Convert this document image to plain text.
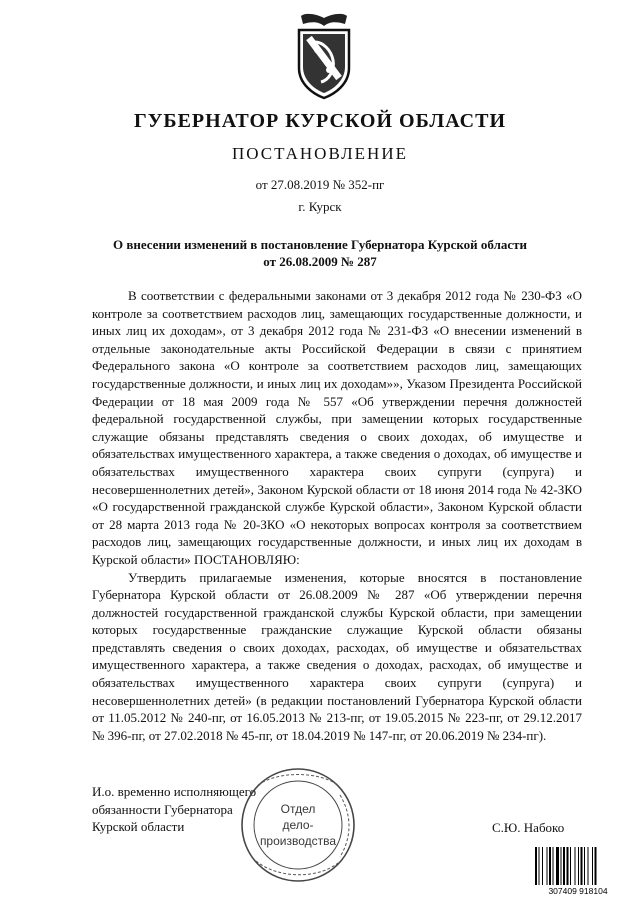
ГУБЕРНАТОР КУРСКОЙ ОБЛАСТИ
ПОСТАНОВЛЕНИЕ
от 27.08.2019 № 352-пг
г. Курск
О внесении изменений в постановление Губернатора Курской области
от 26.08.2009 № 287

В соответствии с федеральными законами от 3 декабря 2012 года № 230-ФЗ «О контроле за соответствием расходов лиц, замещающих государственные должности, и иных лиц их доходам», от 3 декабря 2012 года № 231-ФЗ «О внесении изменений в отдельные законодательные акты Российской Федерации в связи с принятием Федерального закона «О контроле за соответствием расходов лиц, замещающих государственные должности, и иных лиц их доходам»», Указом Президента Российской Федерации от 18 мая 2009 года № 557 «Об утверждении перечня должностей федеральной государственной службы, при замещении которых государственные служащие обязаны представлять сведения о своих доходах, об имуществе и обязательствах имущественного характера, а также сведения о доходах, об имуществе и обязательствах имущественного характера своих супруги (супруга) и несовершеннолетних детей», Законом Курской области от 18 июня 2014 года № 42-ЗКО «О государственной гражданской службе Курской области», Законом Курской области от 28 марта 2013 года № 20-ЗКО «О некоторых вопросах контроля за соответствием расходов лиц, замещающих государственные должности, и иных лиц их доходам в Курской области» ПОСТАНОВЛЯЮ:

Утвердить прилагаемые изменения, которые вносятся в постановление Губернатора Курской области от 26.08.2009 № 287 «Об утверждении перечня должностей государственной гражданской службы Курской области, при замещении которых государственные гражданские служащие Курской области обязаны представлять сведения о своих доходах, расходах, об имуществе и обязательствах имущественного характера, а также сведения о доходах, расходах, об имуществе и обязательствах имущественного характера своих супруги (супруга) и несовершеннолетних детей» (в редакции постановлений Губернатора Курской области от 11.05.2012 № 240-пг, от 16.05.2013 № 213-пг, от 19.05.2015 № 223-пг, от 29.12.2017 № 396-пг, от 27.02.2018 № 45-пг, от 18.04.2019 № 147-пг, от 20.06.2019 № 234-пг).

И.о. временно исполняющего
обязанности Губернатора
Курской области	С.Ю. Набоко
Отдел
дело-
производства
307409 918104
